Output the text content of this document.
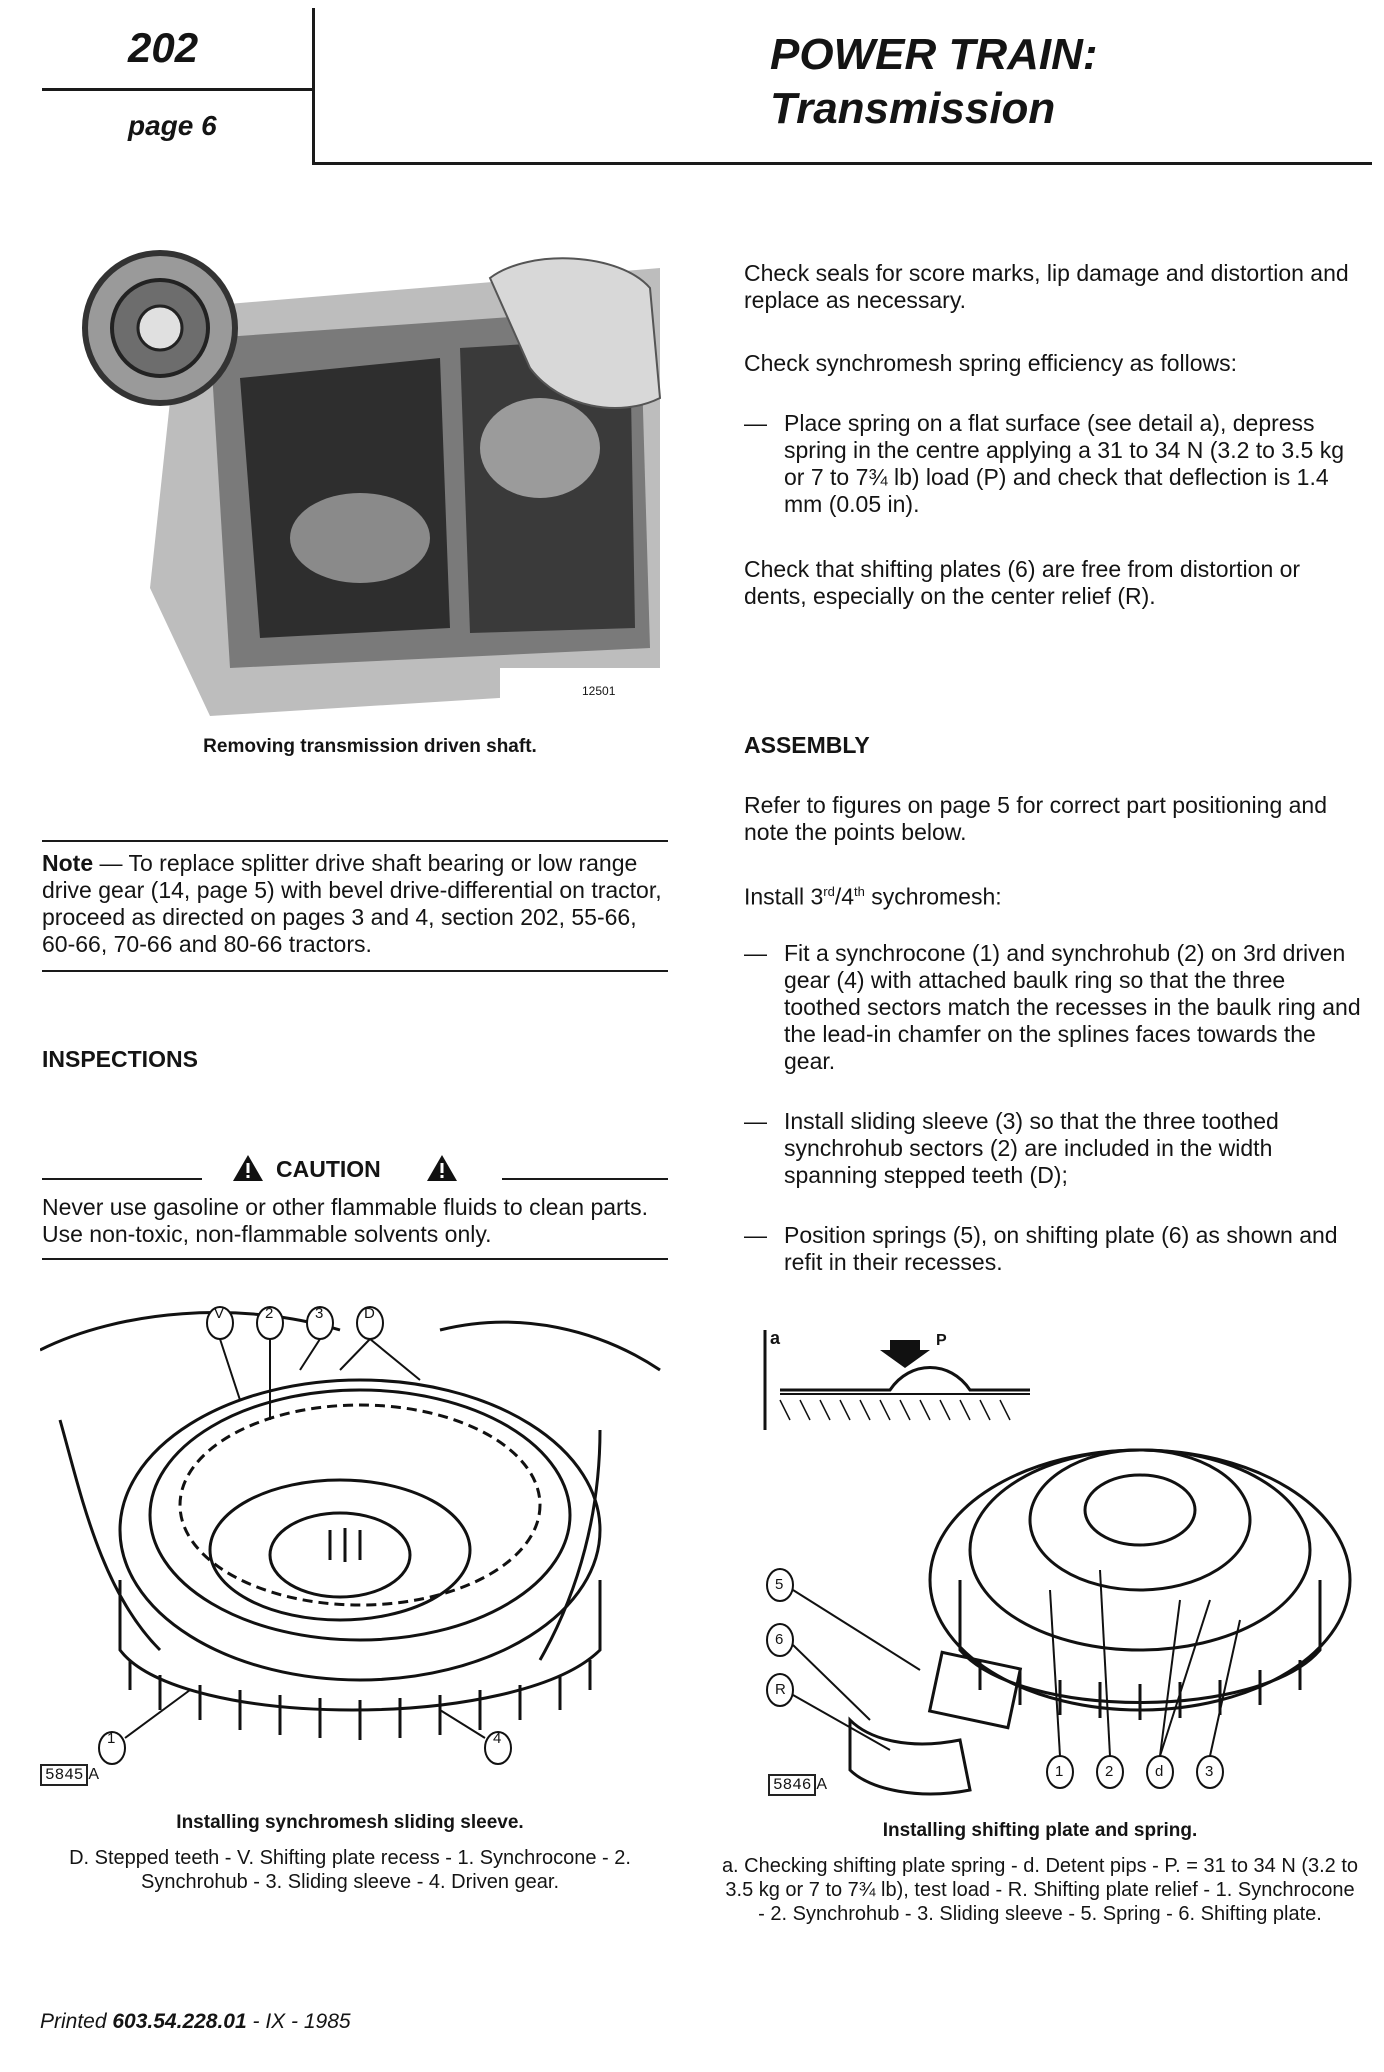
202
page 6
POWER TRAIN:
Transmission
12501
Removing transmission driven shaft.
Check seals for score marks, lip damage and distortion and replace as necessary.
Check synchromesh spring efficiency as follows:
— Place spring on a flat surface (see detail a), depress spring in the centre applying a 31 to 34 N (3.2 to 3.5 kg or 7 to 7¾ lb) load (P) and check that deflection is 1.4 mm (0.05 in).
Check that shifting plates (6) are free from distortion or dents, especially on the center relief (R).
ASSEMBLY
Refer to figures on page 5 for correct part positioning and note the points below.
Install 3rd/4th sychromesh:
— Fit a synchrocone (1) and synchrohub (2) on 3rd driven gear (4) with attached baulk ring so that the three toothed sectors match the recesses in the baulk ring and the lead-in chamfer on the splines faces towards the gear.
— Install sliding sleeve (3) so that the three toothed synchrohub sectors (2) are included in the width spanning stepped teeth (D);
— Position springs (5), on shifting plate (6) as shown and refit in their recesses.
Note — To replace splitter drive shaft bearing or low range drive gear (14, page 5) with bevel drive-differential on tractor, proceed as directed on pages 3 and 4, section 202, 55-66, 60-66, 70-66 and 80-66 tractors.
INSPECTIONS
CAUTION
Never use gasoline or other flammable fluids to clean parts. Use non-toxic, non-flammable solvents only.
V	2	3	D
1	4
5845 A
Installing synchromesh sliding sleeve.
D. Stepped teeth - V. Shifting plate recess - 1. Synchrocone - 2. Synchrohub - 3. Sliding sleeve - 4. Driven gear.
a	P
5
6
R
1	2	d	3
5846 A
Installing shifting plate and spring.
a. Checking shifting plate spring - d. Detent pips - P. = 31 to 34 N (3.2 to 3.5 kg or 7 to 7¾ lb), test load - R. Shifting plate relief - 1. Synchrocone - 2. Synchrohub - 3. Sliding sleeve - 5. Spring - 6. Shifting plate.
Printed 603.54.228.01 - IX - 1985
